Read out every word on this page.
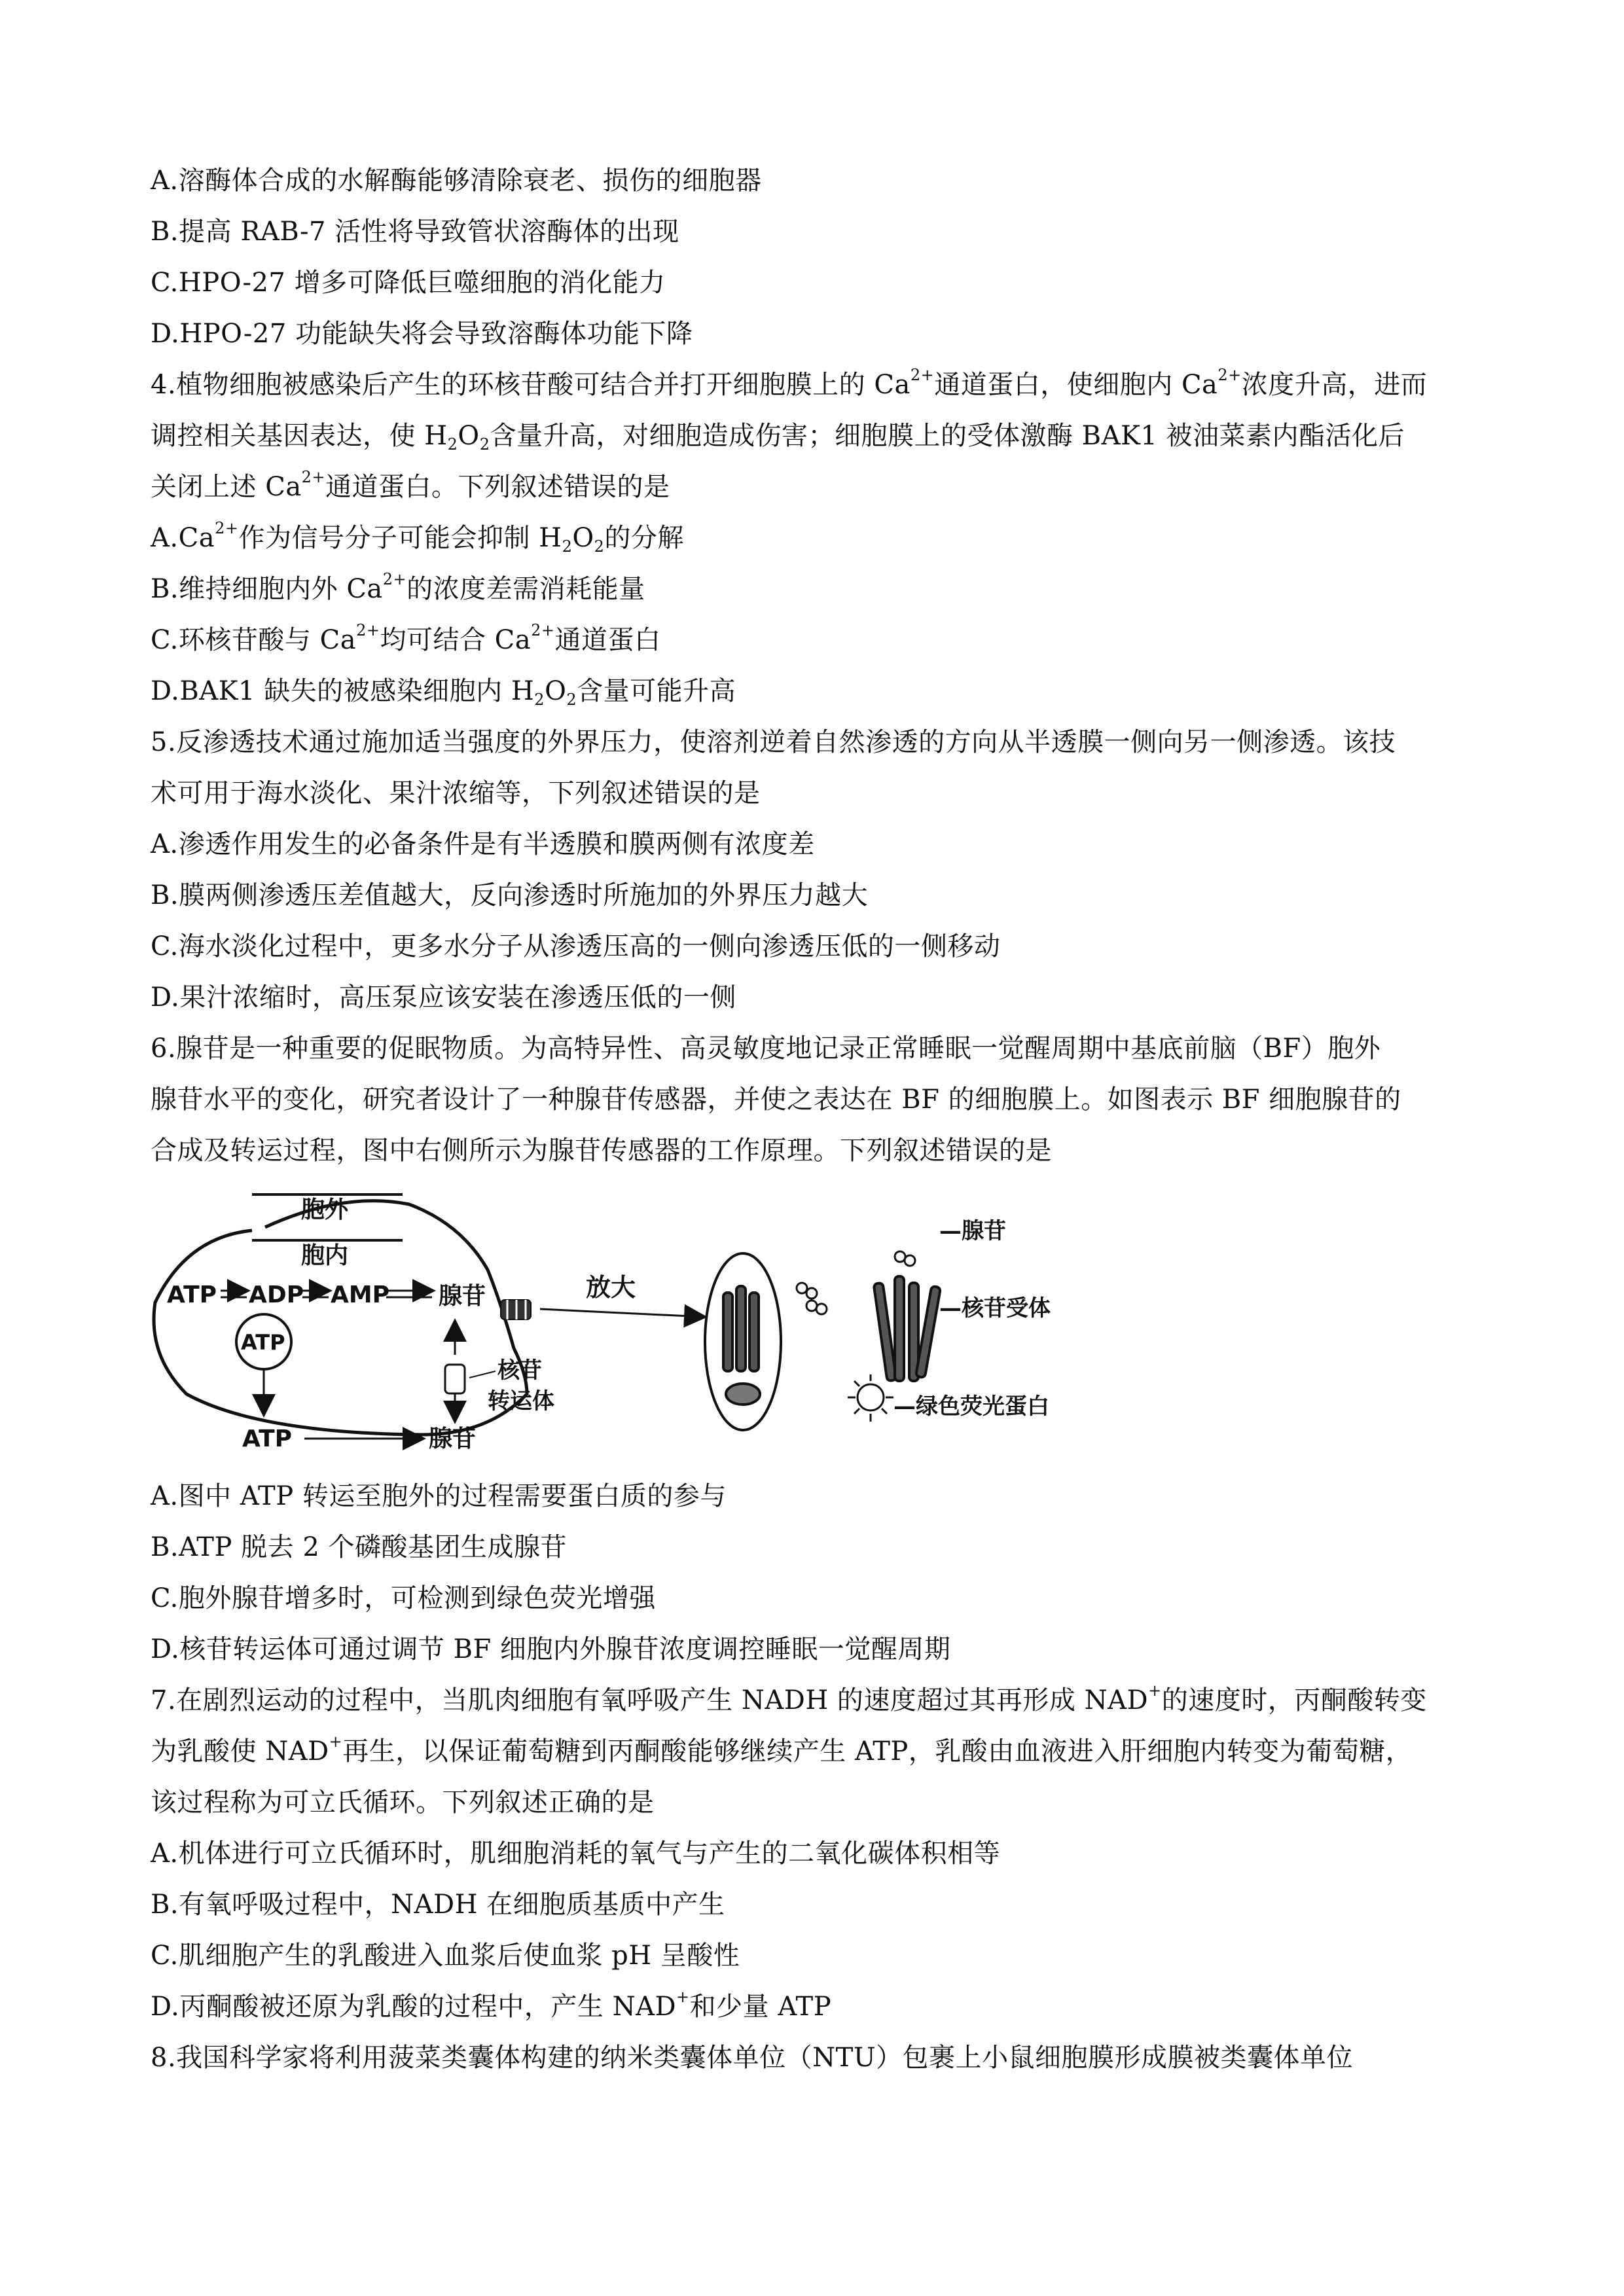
A.溶酶体合成的水解酶能够清除衰老、损伤的细胞器
B.提高 RAB-7 活性将导致管状溶酶体的出现
C.HPO-27 增多可降低巨噬细胞的消化能力
D.HPO-27 功能缺失将会导致溶酶体功能下降
4.植物细胞被感染后产生的环核苷酸可结合并打开细胞膜上的 $Ca^{2+}$通道蛋白，使细胞内 $Ca^{2+}$浓度升高，进而
调控相关基因表达，使 $H_2O_2$含量升高，对细胞造成伤害；细胞膜上的受体激酶 BAK1 被油菜素内酯活化后
关闭上述 $Ca^{2+}$通道蛋白。下列叙述错误的是
$A.Ca^{2+}$作为信号分子可能会抑制 $H_2O_2$的分解
B.维持细胞内外 $Ca^{2+}$的浓度差需消耗能量
C.环核苷酸与 $Ca^{2+}$均可结合 $Ca^{2+}$通道蛋白
D.BAK1 缺失的被感染细胞内 $H_2O_2$含量可能升高
5.反渗透技术通过施加适当强度的外界压力，使溶剂逆着自然渗透的方向从半透膜一侧向另一侧渗透。该技
术可用于海水淡化、果汁浓缩等，下列叙述错误的是
A.渗透作用发生的必备条件是有半透膜和膜两侧有浓度差
B.膜两侧渗透压差值越大，反向渗透时所施加的外界压力越大
C.海水淡化过程中，更多水分子从渗透压高的一侧向渗透压低的一侧移动
D.果汁浓缩时，高压泵应该安装在渗透压低的一侧
6.腺苷是一种重要的促眠物质。为高特异性、高灵敏度地记录正常睡眠一觉醒周期中基底前脑（BF）胞外
腺苷水平的变化，研究者设计了一种腺苷传感器，并使之表达在 BF 的细胞膜上。如图表示 BF 细胞腺苷的
合成及转运过程，图中右侧所示为腺苷传感器的工作原理。下列叙述错误的是
胞外
胞内
ATP ADP AMP 腺苷
ATP
ATP	腺苷
核苷
转运体
放大
—腺苷
—核苷受体
—绿色荧光蛋白
A.图中 ATP 转运至胞外的过程需要蛋白质的参与
B.ATP 脱去 2 个磷酸基团生成腺苷
C.胞外腺苷增多时，可检测到绿色荧光增强
D.核苷转运体可通过调节 BF 细胞内外腺苷浓度调控睡眠一觉醒周期
7.在剧烈运动的过程中，当肌肉细胞有氧呼吸产生 NADH 的速度超过其再形成 NAD+的速度时，丙酮酸转变
为乳酸使 NAD+再生，以保证葡萄糖到丙酮酸能够继续产生 ATP，乳酸由血液进入肝细胞内转变为葡萄糖，
该过程称为可立氏循环。下列叙述正确的是
A.机体进行可立氏循环时，肌细胞消耗的氧气与产生的二氧化碳体积相等
B.有氧呼吸过程中，NADH 在细胞质基质中产生
C.肌细胞产生的乳酸进入血浆后使血浆 pH 呈酸性
D.丙酮酸被还原为乳酸的过程中，产生 NAD+和少量 ATP
8.我国科学家将利用菠菜类囊体构建的纳米类囊体单位（NTU）包裹上小鼠细胞膜形成膜被类囊体单位
